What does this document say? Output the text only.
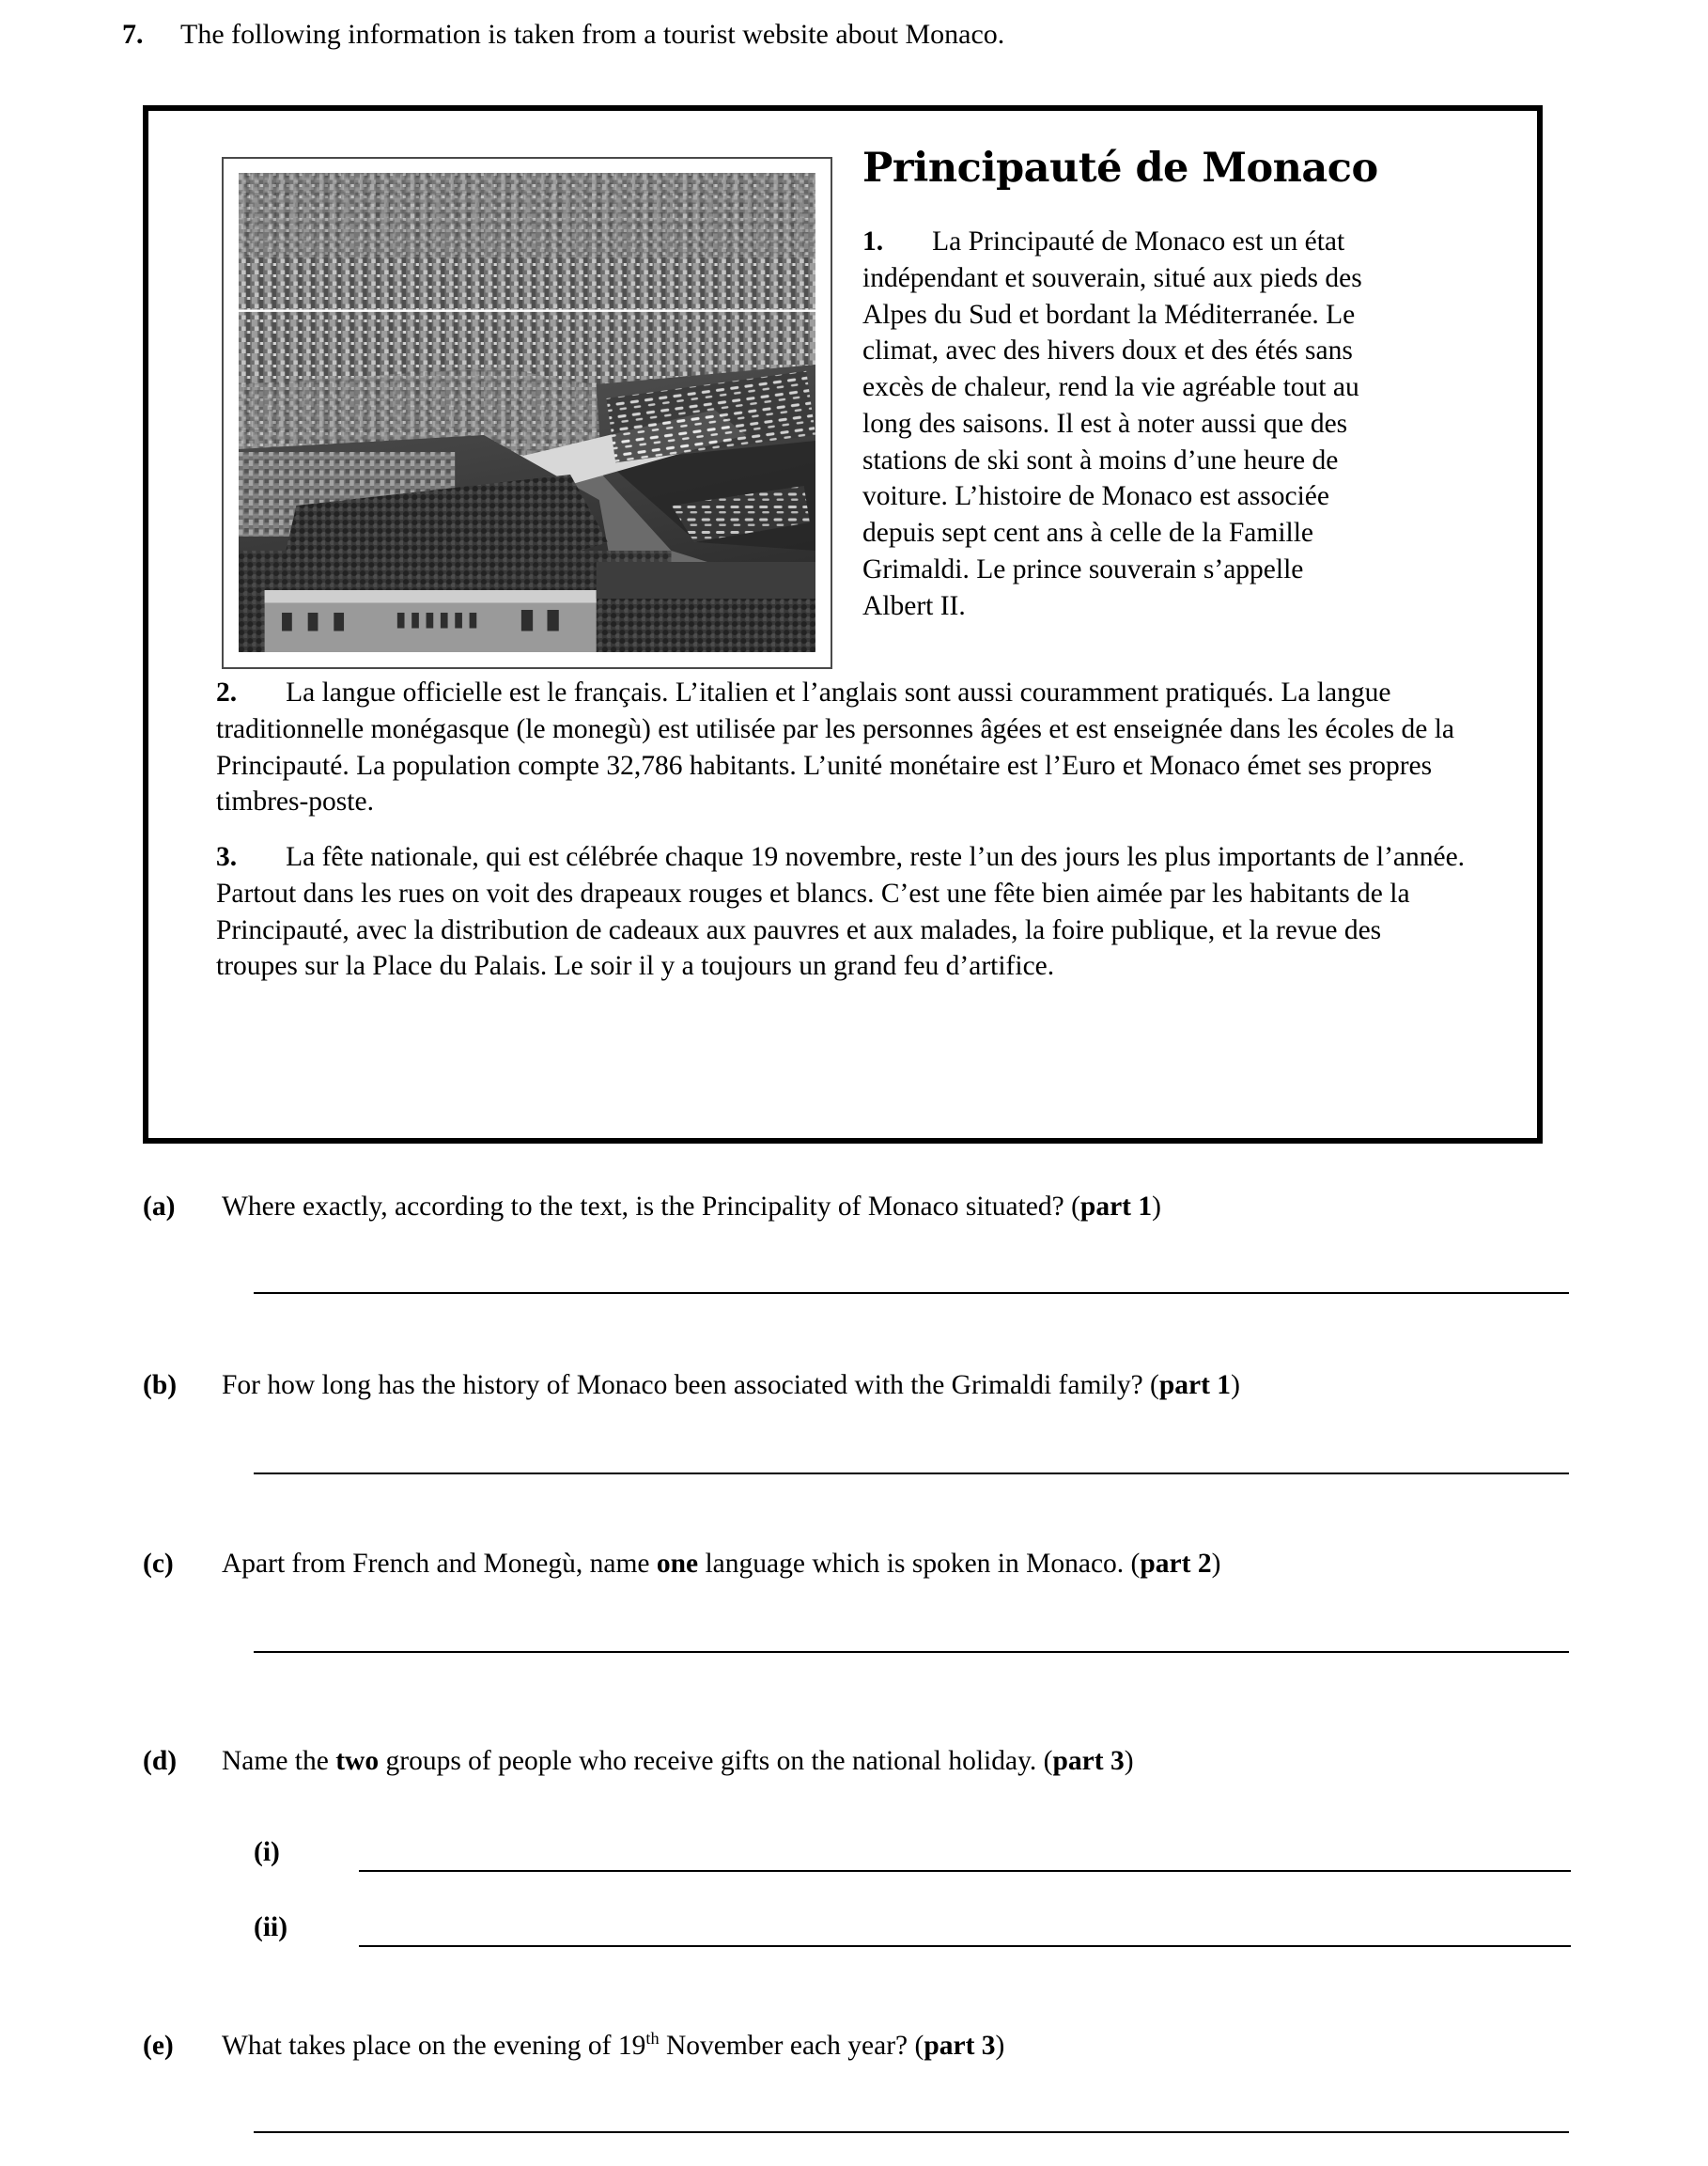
7.	The following information is taken from a tourist website about Monaco.
Principauté de Monaco
1. La Principauté de Monaco est un état indépendant et souverain, situé aux pieds des Alpes du Sud et bordant la Méditerranée. Le climat, avec des hivers doux et des étés sans excès de chaleur, rend la vie agréable tout au long des saisons. Il est à noter aussi que des stations de ski sont à moins d’une heure de voiture. L’histoire de Monaco est associée depuis sept cent ans à celle de la Famille Grimaldi. Le prince souverain s’appelle Albert II.
2. La langue officielle est le français. L’italien et l’anglais sont aussi couramment pratiqués. La langue traditionnelle monégasque (le monegù) est utilisée par les personnes âgées et est enseignée dans les écoles de la Principauté. La population compte 32,786 habitants. L’unité monétaire est l’Euro et Monaco émet ses propres timbres-poste.
3. La fête nationale, qui est célébrée chaque 19 novembre, reste l’un des jours les plus importants de l’année. Partout dans les rues on voit des drapeaux rouges et blancs. C’est une fête bien aimée par les habitants de la Principauté, avec la distribution de cadeaux aux pauvres et aux malades, la foire publique, et la revue des troupes sur la Place du Palais. Le soir il y a toujours un grand feu d’artifice.
(a)	Where exactly, according to the text, is the Principality of Monaco situated? (part 1)
(b)	For how long has the history of Monaco been associated with the Grimaldi family? (part 1)
(c)	Apart from French and Monegù, name one language which is spoken in Monaco. (part 2)
(d)	Name the two groups of people who receive gifts on the national holiday. (part 3)
(i)
(ii)
(e)	What takes place on the evening of 19th November each year? (part 3)
